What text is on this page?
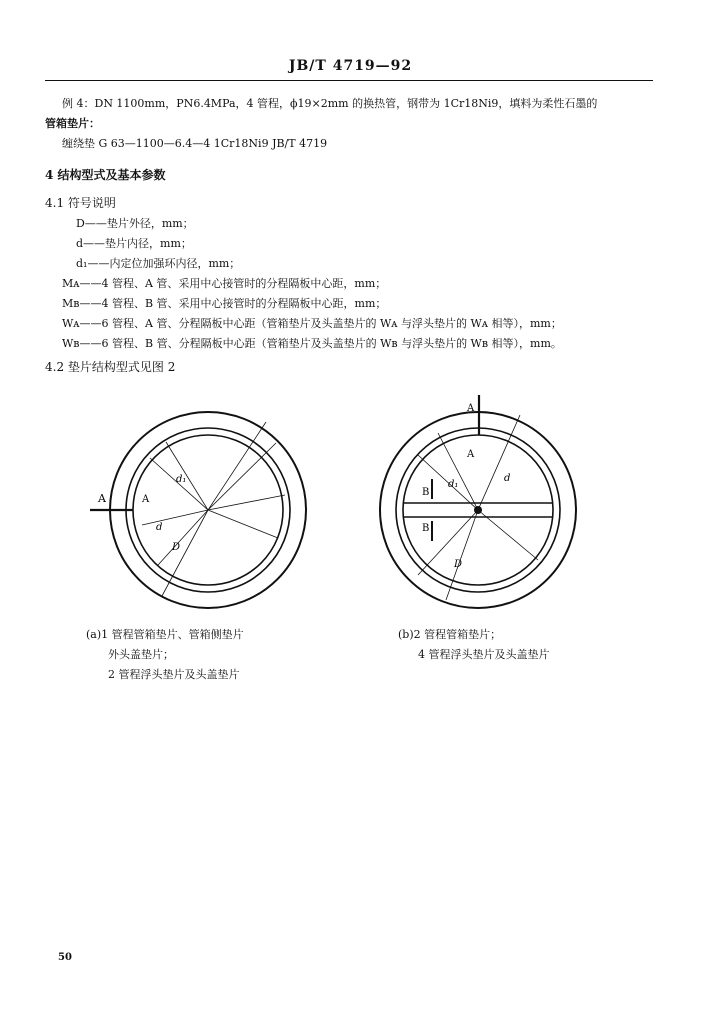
JB/T 4719—92
例 4：DN 1100mm，PN6.4MPa，4 管程，ϕ19×2mm 的换热管，钢带为 1Cr18Ni9，填料为柔性石墨的
管箱垫片：
缠绕垫 G 63—1100—6.4—4 1Cr18Ni9 JB/T 4719
4 结构型式及基本参数
4.1 符号说明
D——垫片外径，mm；
d——垫片内径，mm；
d₁——内定位加强环内径，mm；
Mᴀ——4 管程、A 管、采用中心接管时的分程隔板中心距，mm；
Mʙ——4 管程、B 管、采用中心接管时的分程隔板中心距，mm；
Wᴀ——6 管程、A 管、分程隔板中心距（管箱垫片及头盖垫片的 Wᴀ 与浮头垫片的 Wᴀ 相等），mm；
Wʙ——6 管程、B 管、分程隔板中心距（管箱垫片及头盖垫片的 Wʙ 与浮头垫片的 Wʙ 相等），mm。
4.2 垫片结构型式见图 2
A	A
d₁
d
D
A
A
B
B
d₁
d
D
(a)1 管程管箱垫片、管箱侧垫片
外头盖垫片；
2 管程浮头垫片及头盖垫片
(b)2 管程管箱垫片；
4 管程浮头垫片及头盖垫片
50
